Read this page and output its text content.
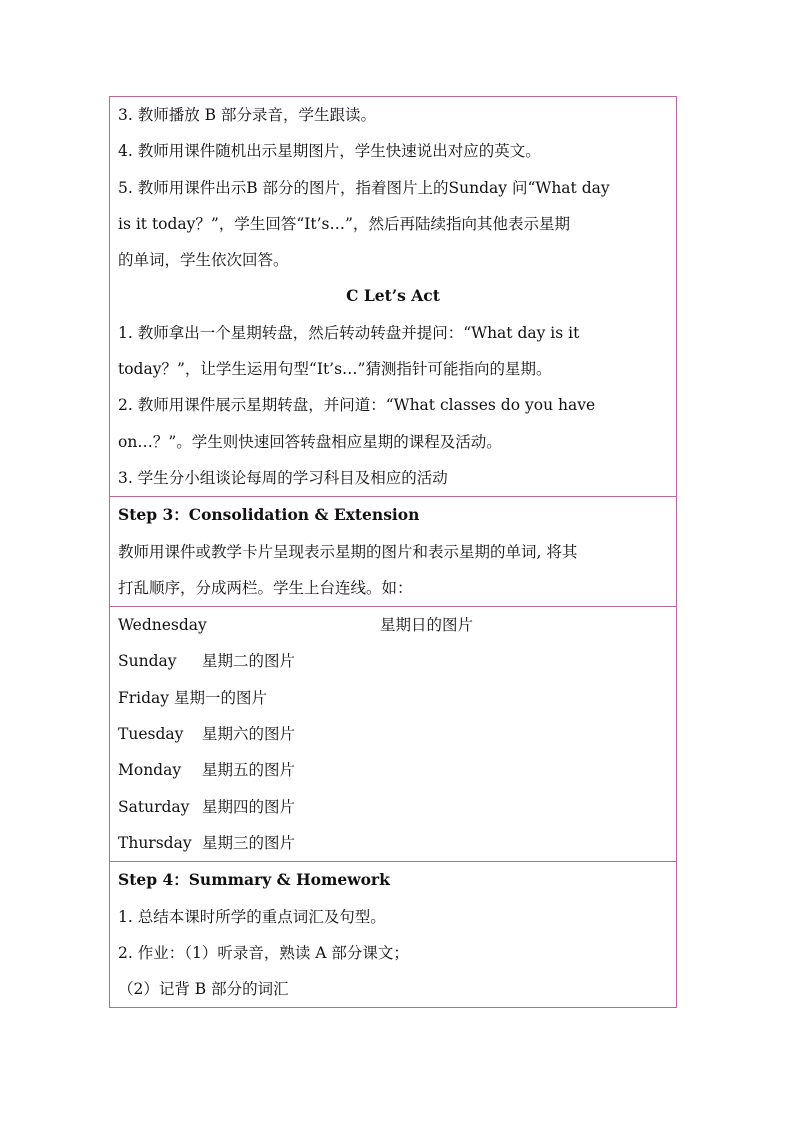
3. 教师播放 B 部分录音，学生跟读。
4. 教师用课件随机出示星期图片，学生快速说出对应的英文。
5. 教师用课件出示B 部分的图片，指着图片上的Sunday 问“What day
is it today？”，学生回答“It’s…”，然后再陆续指向其他表示星期
的单词，学生依次回答。
C Let’s Act
1. 教师拿出一个星期转盘，然后转动转盘并提问：“What day is it
today？”，让学生运用句型“It’s…”猜测指针可能指向的星期。
2. 教师用课件展示星期转盘，并问道：“What classes do you have
on…？”。学生则快速回答转盘相应星期的课程及活动。
3. 学生分小组谈论每周的学习科目及相应的活动
Step 3：Consolidation & Extension
教师用课件或教学卡片呈现表示星期的图片和表示星期的单词, 将其
打乱顺序，分成两栏。学生上台连线。如：
Wednesday	星期日的图片
Sunday 星期二的图片
Friday 星期一的图片
Tuesday 星期六的图片
Monday 星期五的图片
Saturday 星期四的图片
Thursday 星期三的图片
Step 4：Summary & Homework
1. 总结本课时所学的重点词汇及句型。
2. 作业：（1）听录音，熟读 A 部分课文；
（2）记背 B 部分的词汇
